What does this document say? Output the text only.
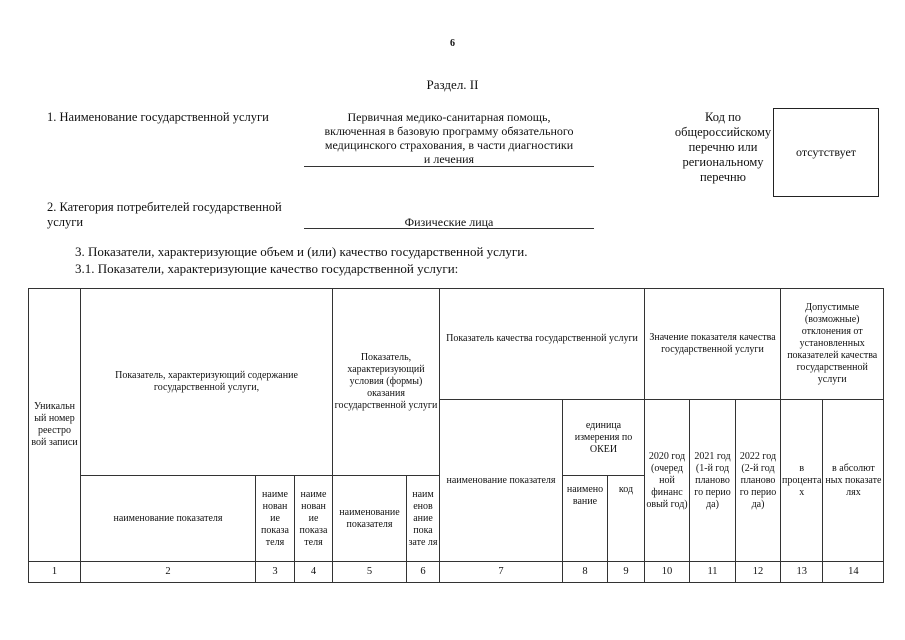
6
Раздел. II
1. Наименование государственной услуги	Первичная медико-санитарная помощь,
включенная в базовую программу обязательного
медицинского страхования, в части диагностики
и лечения
Код по
общероссийскому
перечню или
региональному
перечню
отсутствует
2. Категория потребителей государственной
услуги	Физические лица
3. Показатели, характеризующие объем и (или) качество государственной услуги.
3.1. Показатели, характеризующие качество государственной услуги:
Уникальн ый номер реестро вой записи	Показатель, характеризующий содержание государственной услуги,			Показатель, характеризующий условия (формы) оказания государственной услуги		Показатель качества государственной услуги			Значение показателя качества государственной услуги			Допустимые (возможные) отклонения от установленных показателей качества государственной услуги	
						наименование показателя	единица измерения по ОКЕИ		2020 год (очеред ной финанс овый год)	2021 год (1-й год планово го перио да)	2022 год (2-й год планово го перио да)	в процента х	в абсолют ных показате лях
	наименование показателя	наиме нован ие показа теля	наиме нован ие показа теля	наименование показателя	наим енов ание пока зате ля		наимено вание	код					
1	2	3	4	5	6	7	8	9	10	11	12	13	14
